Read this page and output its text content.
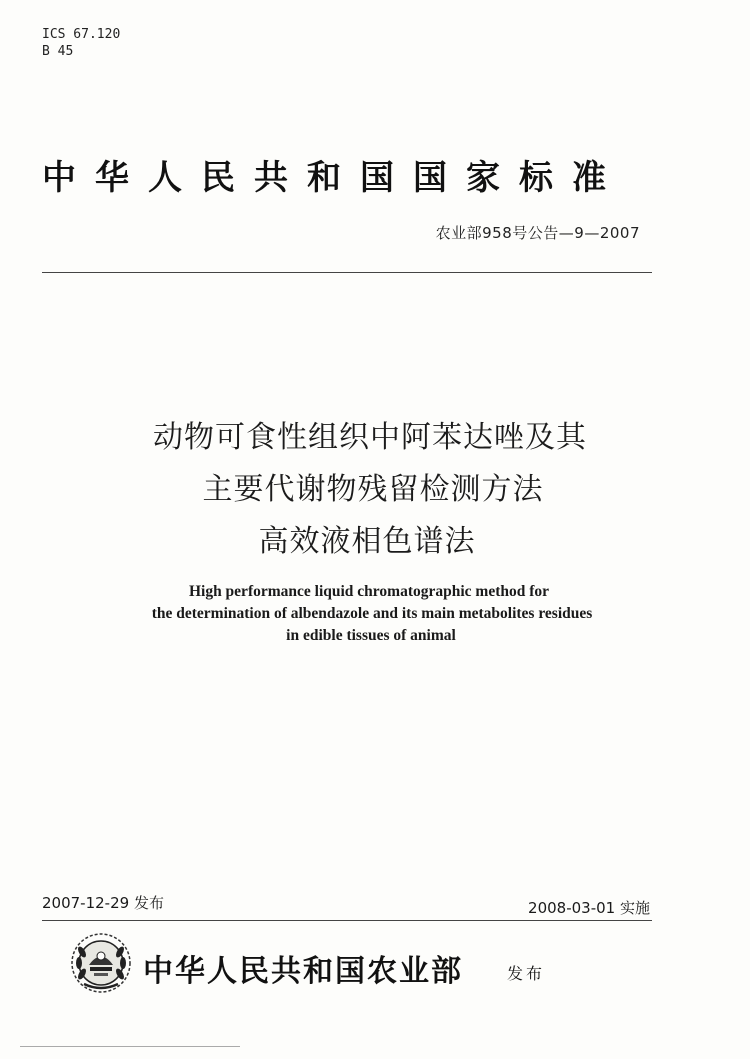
ICS 67.120
B 45
中华人民共和国国家标准
农业部958号公告—9—2007
动物可食性组织中阿苯达唑及其
主要代谢物残留检测方法
高效液相色谱法
High performance liquid chromatographic method for
the determination of albendazole and its main metabolites residues
in edible tissues of animal
2007-12-29 发布	2008-03-01 实施
中华人民共和国农业部	发布
